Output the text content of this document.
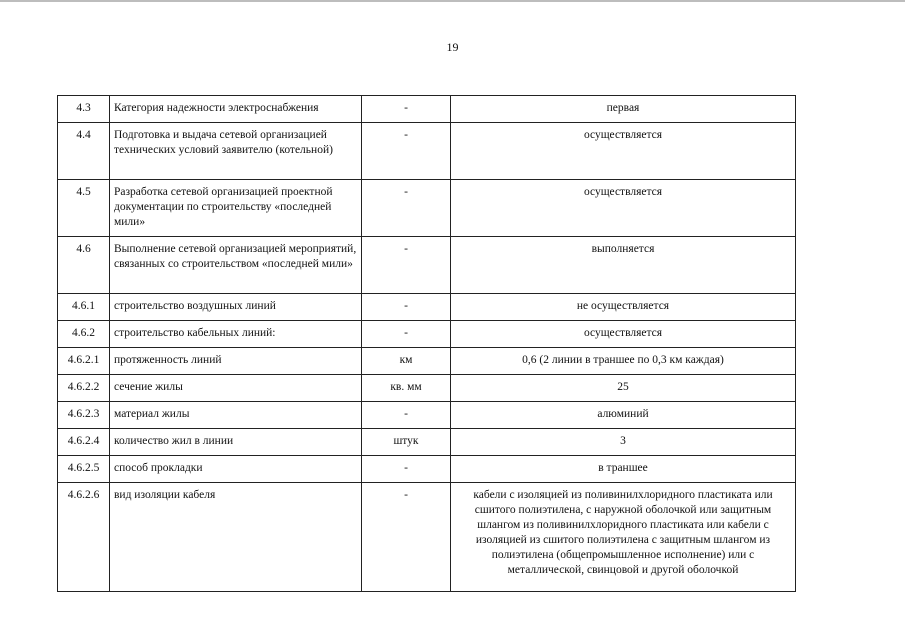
19
4.3	Категория надежности электроснабжения	-	первая
4.4	Подготовка и выдача сетевой организацией технических условий заявителю (котельной)	-	осуществляется
4.5	Разработка сетевой организацией проектной документации по строительству «последней мили»	-	осуществляется
4.6	Выполнение сетевой организацией мероприятий, связанных со строительством «последней мили»	-	выполняется
4.6.1	строительство воздушных линий	-	не осуществляется
4.6.2	строительство кабельных линий:	-	осуществляется
4.6.2.1	протяженность линий	км	0,6 (2 линии в траншее по 0,3 км каждая)
4.6.2.2	сечение жилы	кв. мм	25
4.6.2.3	материал жилы	-	алюминий
4.6.2.4	количество жил в линии	штук	3
4.6.2.5	способ прокладки	-	в траншее
4.6.2.6	вид изоляции кабеля	-	кабели с изоляцией из поливинилхлоридного пластиката или сшитого полиэтилена, с наружной оболочкой или защитным шлангом из поливинилхлоридного пластиката или кабели с изоляцией из сшитого полиэтилена с защитным шлангом из полиэтилена (общепромышленное исполнение) или с металлической, свинцовой и другой оболочкой
